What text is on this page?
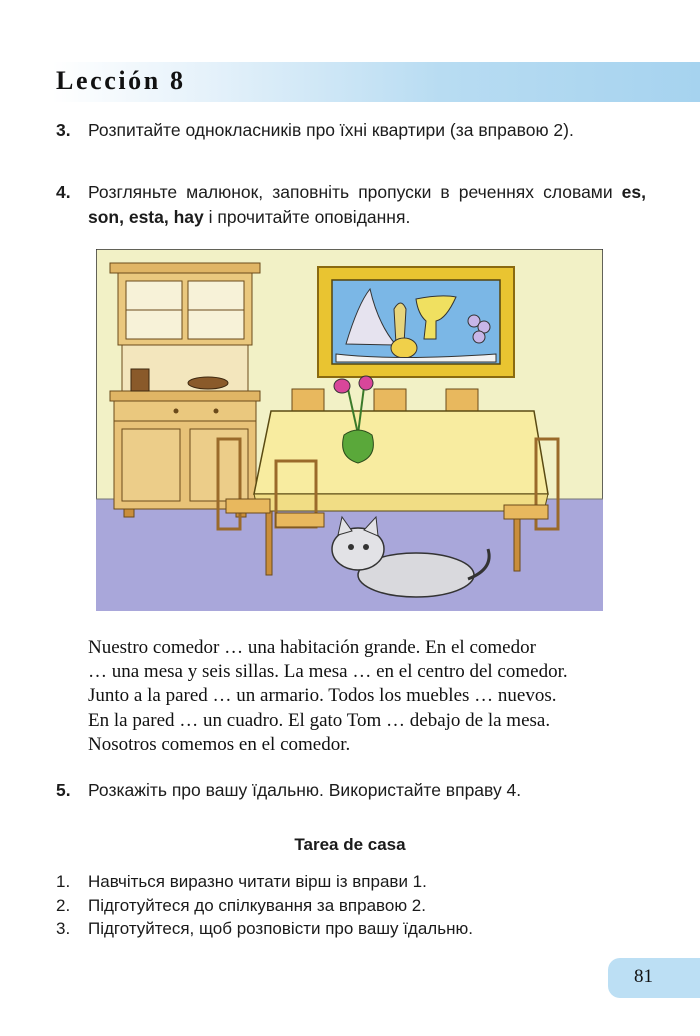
Lección 8
3. Розпитайте однокласників про їхні квартири (за вправою 2).
4. Розгляньте малюнок, заповніть пропуски в реченнях словами es, son, esta, hay і прочитайте оповідання.

Nuestro comedor … una habitación grande. En el comedor
… una mesa y seis sillas. La mesa … en el centro del comedor.
Junto a la pared … un armario. Todos los muebles … nuevos.
En la pared … un cuadro. El gato Tom … debajo de la mesa.
Nosotros comemos en el comedor.

5. Розкажіть про вашу їдальню. Використайте вправу 4.
Tarea de casa
1.	Навчіться виразно читати вірш із вправи 1.
2.	Підготуйтеся до спілкування за вправою 2.
3.	Підготуйтеся, щоб розповісти про вашу їдальню.
81
